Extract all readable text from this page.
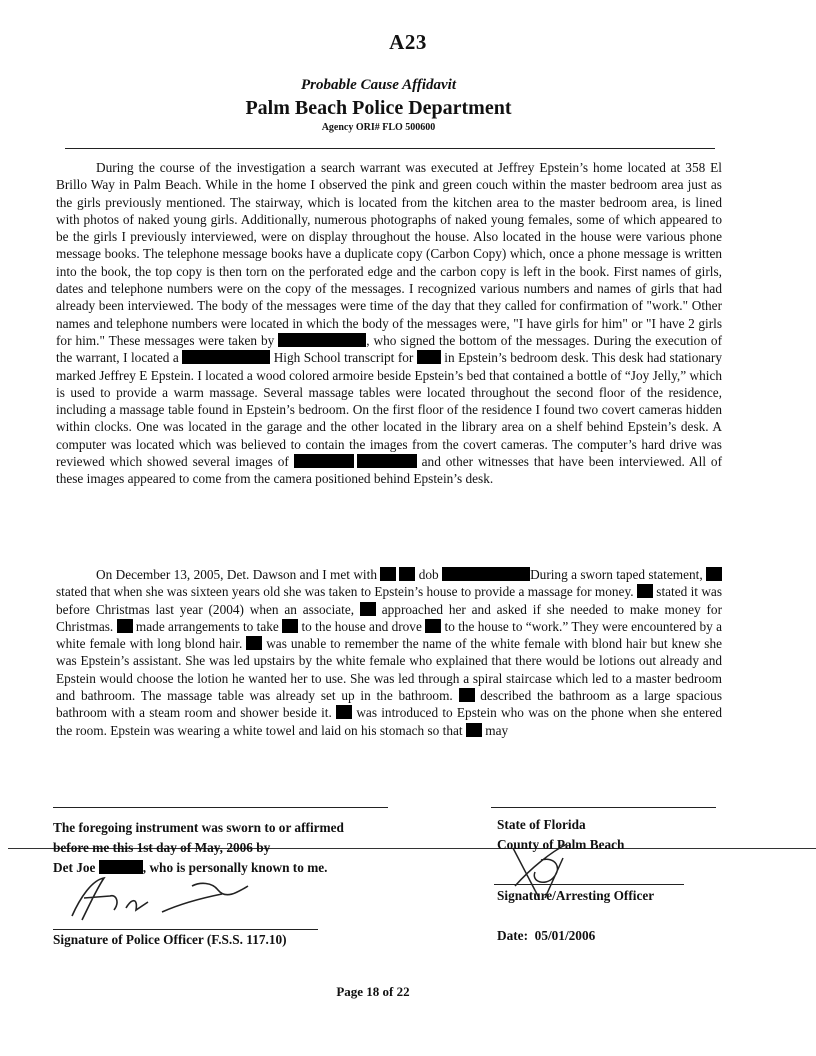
A23
Probable Cause Affidavit
Palm Beach Police Department
Agency ORI# FLO 500600
During the course of the investigation a search warrant was executed at Jeffrey Epstein’s home located at 358 El Brillo Way in Palm Beach. While in the home I observed the pink and green couch within the master bedroom area just as the girls previously mentioned. The stairway, which is located from the kitchen area to the master bedroom area, is lined with photos of naked young girls. Additionally, numerous photographs of naked young females, some of which appeared to be the girls I previously interviewed, were on display throughout the house. Also located in the house were various phone message books. The telephone message books have a duplicate copy (Carbon Copy) which, once a phone message is written into the book, the top copy is then torn on the perforated edge and the carbon copy is left in the book. First names of girls, dates and telephone numbers were on the copy of the messages. I recognized various numbers and names of girls that had already been interviewed. The body of the messages were time of the day that they called for confirmation of "work." Other names and telephone numbers were located in which the body of the messages were, "I have girls for him" or "I have 2 girls for him." These messages were taken by	, who signed the bottom of the messages. During the execution of the warrant, I located a	High School transcript for in Epstein’s bedroom desk. This desk had stationary marked Jeffrey E Epstein. I located a wood colored armoire beside Epstein’s bed that contained a bottle of “Joy Jelly,” which is used to provide a warm massage. Several massage tables were located throughout the second floor of the residence, including a massage table found in Epstein’s bedroom. On the first floor of the residence I found two covert cameras hidden within clocks. One was located in the garage and the other located in the library area on a shelf behind Epstein’s desk. A computer was located which was believed to contain the images from the covert cameras. The computer’s hard drive was reviewed which showed several images of	and other witnesses that have been interviewed. All of these images appeared to come from the camera positioned behind Epstein’s desk.
On December 13, 2005, Det. Dawson and I met with	dob	During a sworn taped statement,  stated that when she was sixteen years old she was taken to Epstein’s house to provide a massage for money. stated it was before Christmas last year (2004) when an associate, approached her and asked if she needed to make money for Christmas. made arrangements to take to the house and drove to the house to “work.” They were encountered by a white female with long blond hair. was unable to remember the name of the white female with blond hair but knew she was Epstein’s assistant. She was led upstairs by the white female who explained that there would be lotions out already and Epstein would choose the lotion he wanted her to use. She was led through a spiral staircase which led to a master bedroom and bathroom. The massage table was already set up in the bathroom. described the bathroom as a large spacious bathroom with a steam room and shower beside it. was introduced to Epstein who was on the phone when she entered the room. Epstein was wearing a white towel and laid on his stomach so that may
The foregoing instrument was sworn to or affirmed
before me this 1st day of May, 2006 by
Det Joe	, who is personally known to me.
State of Florida
County of Palm Beach
Signature of Police Officer (F.S.S. 117.10)
Signature/Arresting Officer
Date: 05/01/2006
Page 18 of 22
